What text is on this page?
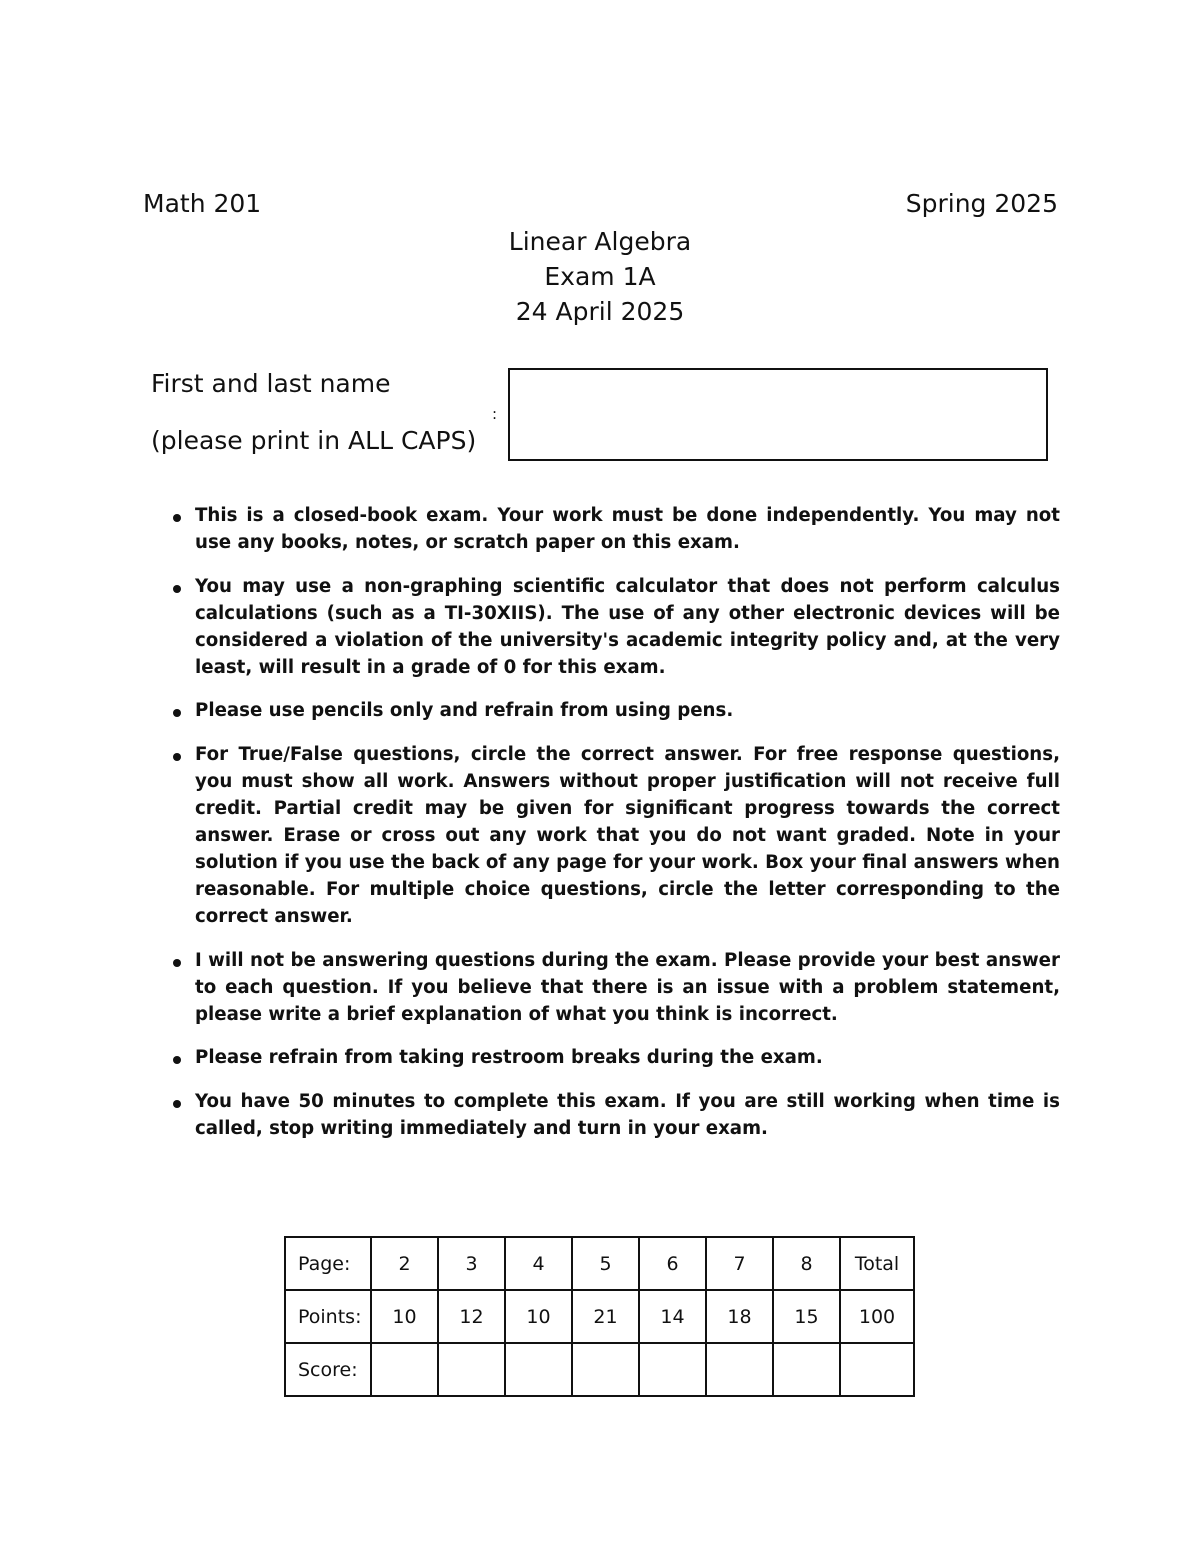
Math 201	Spring 2025
Linear Algebra
Exam 1A
24 April 2025
First and last name
(please print in ALL CAPS)
:
This is a closed-book exam. Your work must be done independently. You may not use any books, notes, or scratch paper on this exam.
You may use a non-graphing scientific calculator that does not perform calculus calculations (such as a TI-30XIIS). The use of any other electronic devices will be considered a violation of the university's academic integrity policy and, at the very least, will result in a grade of 0 for this exam.
Please use pencils only and refrain from using pens.
For True/False questions, circle the correct answer. For free response questions, you must show all work. Answers without proper justification will not receive full credit. Partial credit may be given for significant progress towards the correct answer. Erase or cross out any work that you do not want graded. Note in your solution if you use the back of any page for your work. Box your final answers when reasonable. For multiple choice questions, circle the letter corresponding to the correct answer.
I will not be answering questions during the exam. Please provide your best answer to each question. If you believe that there is an issue with a problem statement, please write a brief explanation of what you think is incorrect.
Please refrain from taking restroom breaks during the exam.
You have 50 minutes to complete this exam. If you are still working when time is called, stop writing immediately and turn in your exam.
Page:	2	3	4	5	6	7	8	Total
Points:	10	12	10	21	14	18	15	100
Score:								
